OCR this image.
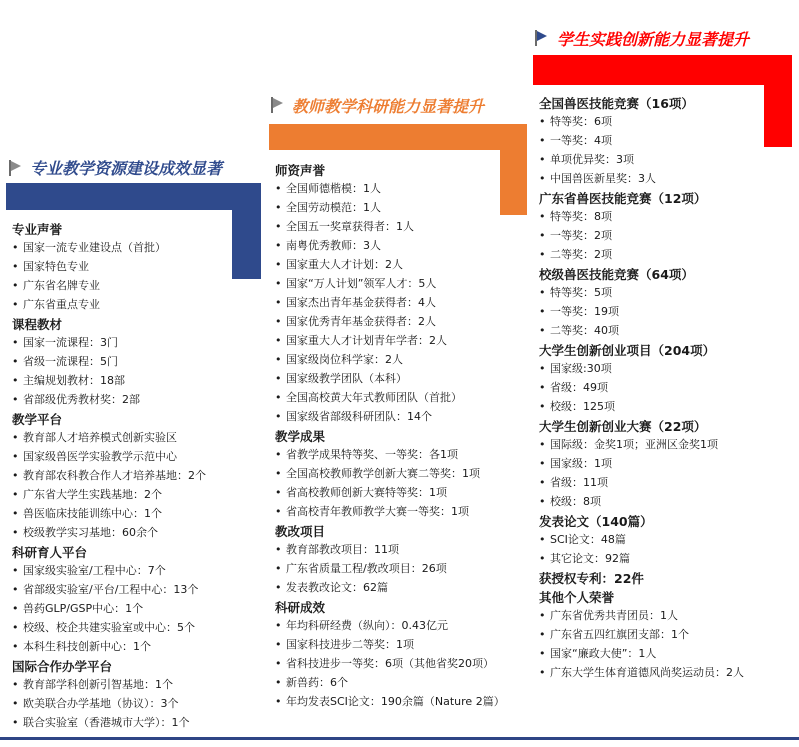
专业教学资源建设成效显著
专业声誉
• 国家一流专业建设点（首批）
• 国家特色专业
• 广东省名牌专业
• 广东省重点专业
课程教材
• 国家一流课程：3门
• 省级一流课程：5门
• 主编规划教材：18部
• 省部级优秀教材奖：2部
教学平台
• 教育部人才培养模式创新实验区
• 国家级兽医学实验教学示范中心
• 教育部农科教合作人才培养基地：2个
• 广东省大学生实践基地：2个
• 兽医临床技能训练中心：1个
• 校级教学实习基地：60余个
科研育人平台
• 国家级实验室/工程中心：7个
• 省部级实验室/平台/工程中心：13个
• 兽药GLP/GSP中心：1个
• 校级、校企共建实验室或中心：5个
• 本科生科技创新中心：1个
国际合作办学平台
• 教育部学科创新引智基地：1个
• 欧美联合办学基地（协议）：3个
• 联合实验室（香港城市大学）：1个
教师教学科研能力显著提升
师资声誉
• 全国师德楷模：1人
• 全国劳动模范：1人
• 全国五一奖章获得者：1人
• 南粤优秀教师：3人
• 国家重大人才计划：2人
• 国家“万人计划”领军人才：5人
• 国家杰出青年基金获得者：4人
• 国家优秀青年基金获得者：2人
• 国家重大人才计划青年学者：2人
• 国家级岗位科学家：2人
• 国家级教学团队（本科）
• 全国高校黄大年式教师团队（首批）
• 国家级省部级科研团队：14个
教学成果
• 省教学成果特等奖、一等奖：各1项
• 全国高校教师教学创新大赛二等奖：1项
• 省高校教师创新大赛特等奖：1项
• 省高校青年教师教学大赛一等奖：1项
教改项目
• 教育部教改项目：11项
• 广东省质量工程/教改项目：26项
• 发表教改论文：62篇
科研成效
• 年均科研经费（纵向）：0.43亿元
• 国家科技进步二等奖：1项
• 省科技进步一等奖：6项（其他省奖20项）
• 新兽药：6个
• 年均发表SCI论文：190余篇（Nature 2篇）
学生实践创新能力显著提升
全国兽医技能竞赛（16项）
• 特等奖：6项
• 一等奖：4项
• 单项优异奖：3项
• 中国兽医新星奖：3人
广东省兽医技能竞赛（12项）
• 特等奖：8项
• 一等奖：2项
• 二等奖：2项
校级兽医技能竞赛（64项）
• 特等奖：5项
• 一等奖：19项
• 二等奖：40项
大学生创新创业项目（204项）
• 国家级:30项
• 省级：49项
• 校级：125项
大学生创新创业大赛（22项）
• 国际级：金奖1项；亚洲区金奖1项
• 国家级：1项
• 省级：11项
• 校级：8项
发表论文（140篇）
• SCI论文：48篇
• 其它论文：92篇
获授权专利：22件
其他个人荣誉
• 广东省优秀共青团员：1人
• 广东省五四红旗团支部：1个
• 国家“廉政大使”：1人
• 广东大学生体育道德风尚奖运动员：2人
